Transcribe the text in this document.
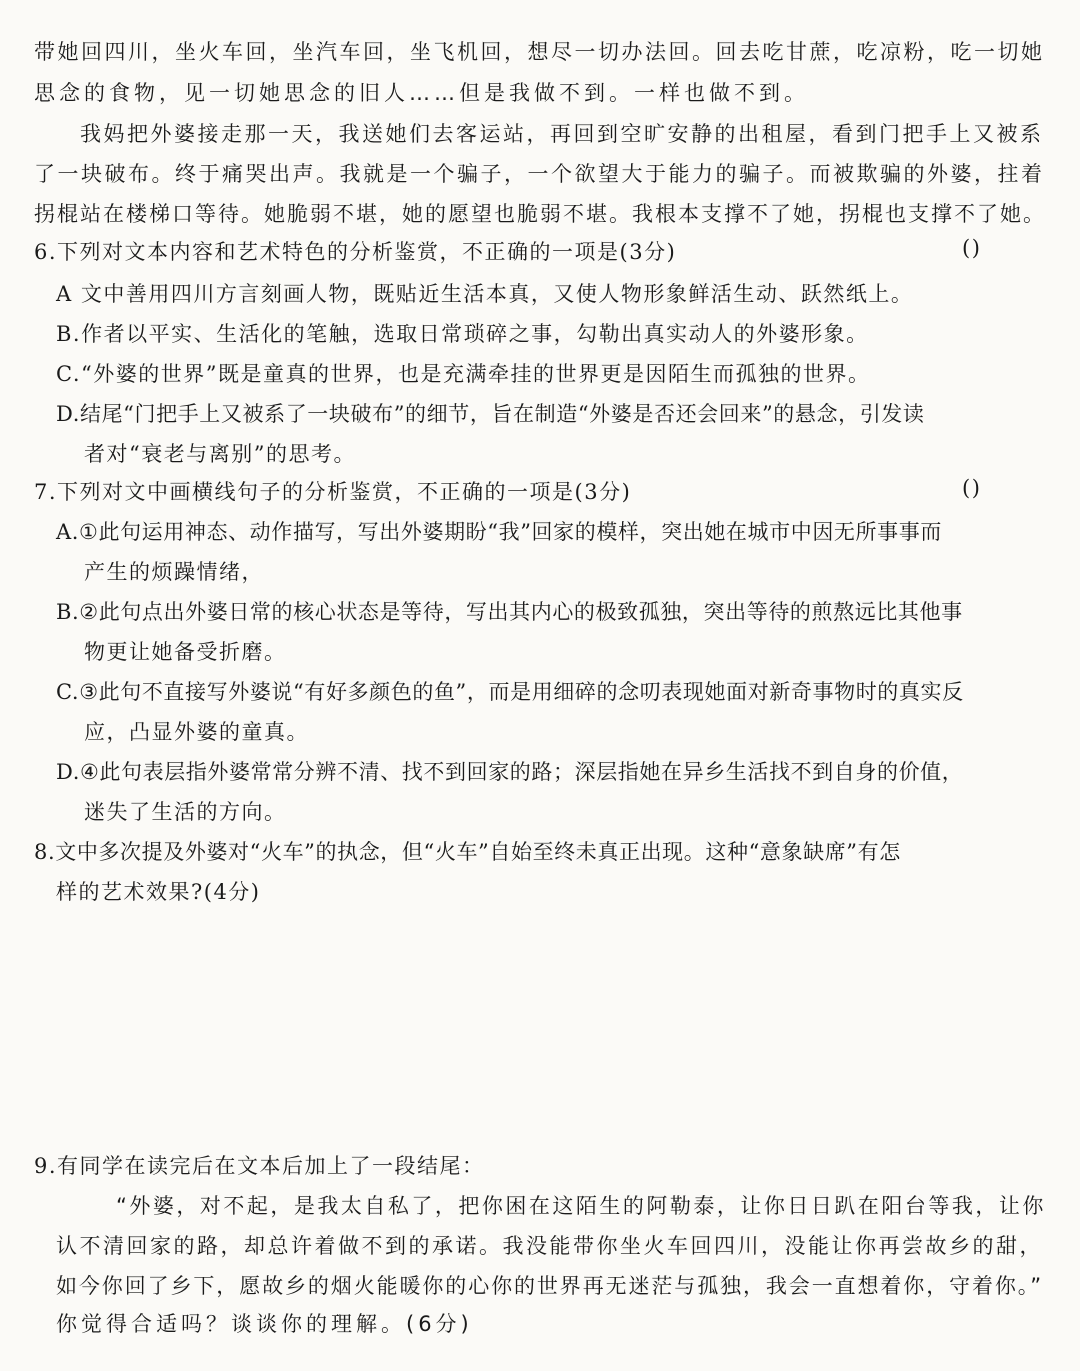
带她回四川，坐火车回，坐汽车回，坐飞机回，想尽一切办法回。回去吃甘蔗，吃凉粉，吃一切她
思念的食物，见一切她思念的旧人……但是我做不到。一样也做不到。
我妈把外婆接走那一天，我送她们去客运站，再回到空旷安静的出租屋，看到门把手上又被系
了一块破布。终于痛哭出声。我就是一个骗子，一个欲望大于能力的骗子。而被欺骗的外婆，拄着
拐棍站在楼梯口等待。她脆弱不堪，她的愿望也脆弱不堪。我根本支撑不了她，拐棍也支撑不了她。
6.下列对文本内容和艺术特色的分析鉴赏，不正确的一项是(3分)	()
A 文中善用四川方言刻画人物，既贴近生活本真，又使人物形象鲜活生动、跃然纸上。
B.作者以平实、生活化的笔触，选取日常琐碎之事，勾勒出真实动人的外婆形象。
C.“外婆的世界”既是童真的世界，也是充满牵挂的世界更是因陌生而孤独的世界。
D.结尾“门把手上又被系了一块破布”的细节，旨在制造“外婆是否还会回来”的悬念，引发读
者对“衰老与离别”的思考。
7.下列对文中画横线句子的分析鉴赏，不正确的一项是(3分)	()
A.①此句运用神态、动作描写，写出外婆期盼“我”回家的模样，突出她在城市中因无所事事而
产生的烦躁情绪，
B.②此句点出外婆日常的核心状态是等待，写出其内心的极致孤独，突出等待的煎熬远比其他事
物更让她备受折磨。
C.③此句不直接写外婆说“有好多颜色的鱼”，而是用细碎的念叨表现她面对新奇事物时的真实反
应，凸显外婆的童真。
D.④此句表层指外婆常常分辨不清、找不到回家的路；深层指她在异乡生活找不到自身的价值，
迷失了生活的方向。
8.文中多次提及外婆对“火车”的执念，但“火车”自始至终未真正出现。这种“意象缺席”有怎
样的艺术效果?(4分)
9.有同学在读完后在文本后加上了一段结尾：
“外婆，对不起，是我太自私了，把你困在这陌生的阿勒泰，让你日日趴在阳台等我，让你
认不清回家的路，却总许着做不到的承诺。我没能带你坐火车回四川，没能让你再尝故乡的甜，
如今你回了乡下，愿故乡的烟火能暖你的心你的世界再无迷茫与孤独，我会一直想着你，守着你。”
你觉得合适吗？谈谈你的理解。(6分)
